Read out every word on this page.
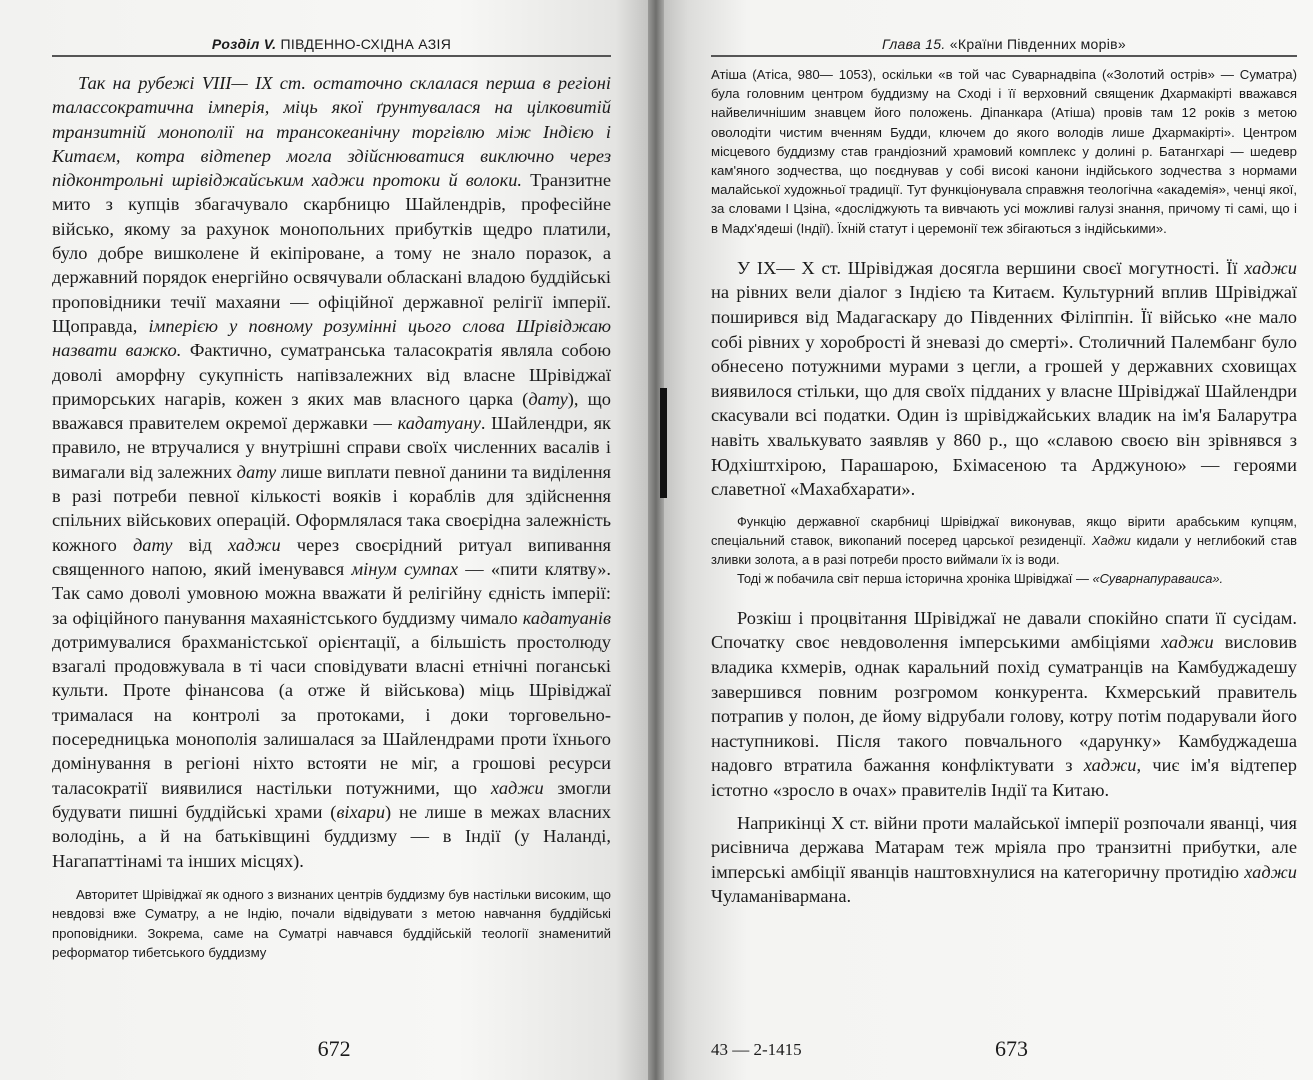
Розділ V. ПІВДЕННО-СХІДНА АЗІЯ

Так на рубежі VIII— IX ст. остаточно склалася перша в регіоні талассократична імперія, міць якої ґрунтувалася на цілковитій транзитній монополії на трансокеанічну торгівлю між Індією і Китаєм, котра відтепер могла здійснюватися виключно через підконтрольні шрівіджайським хаджи протоки й волоки. Транзитне мито з купців збагачувало скарбницю Шайлендрів, професійне військо, якому за рахунок монопольних прибутків щедро платили, було добре вишколене й екіпіроване, а тому не знало поразок, а державний порядок енергійно освячували обласкані владою буддійські проповідники течії махаяни — офіційної державної релігії імперії. Щоправда, імперією у повному розумінні цього слова Шрівіджаю назвати важко. Фактично, суматранська таласократія являла собою доволі аморфну сукупність напівзалежних від власне Шрівіджаї приморських нагарів, кожен з яких мав власного царка (дату), що вважався правителем окремої державки — кадатуану. Шайлендри, як правило, не втручалися у внутрішні справи своїх численних васалів і вимагали від залежних дату лише виплати певної данини та виділення в разі потреби певної кількості вояків і кораблів для здійснення спільних військових операцій. Оформлялася така своєрідна залежність кожного дату від хаджи через своєрідний ритуал випивання священного напою, який іменувався мінум сумпах — «пити клятву». Так само доволі умовною можна вважати й релігійну єдність імперії: за офіційного панування махаяністського буддизму чимало кадатуанів дотримувалися брахманістської орієнтації, а більшість простолюду взагалі продовжувала в ті часи сповідувати власні етнічні поганські культи. Проте фінансова (а отже й військова) міць Шрівіджаї трималася на контролі за протоками, і доки торговельно-посередницька монополія залишалася за Шайлендрами проти їхнього домінування в регіоні ніхто встояти не міг, а грошові ресурси таласократії виявилися настільки потужними, що хаджи змогли будувати пишні буддійські храми (віхари) не лише в межах власних володінь, а й на батьківщині буддизму — в Індії (у Наланді, Нагапаттінамі та інших місцях).

Авторитет Шрівіджаї як одного з визнаних центрів буддизму був настільки високим, що невдовзі вже Суматру, а не Індію, почали відвідувати з метою навчання буддійські проповідники. Зокрема, саме на Суматрі навчався буддійській теології знаменитий реформатор тибетського буддизму

672
Глава 15. «Країни Південних морів»

Атіша (Атіса, 980— 1053), оскільки «в той час Суварнадвіпа («Золотий острів» — Суматра) була головним центром буддизму на Сході і її верховний священик Дхармакірті вважався найвеличнішим знавцем його положень. Діпанкара (Атіша) провів там 12 років з метою оволодіти чистим вченням Будди, ключем до якого володів лише Дхармакірті». Центром місцевого буддизму став грандіозний храмовий комплекс у долині р. Батангхарі — шедевр кам'яного зодчества, що поєднував у собі високі канони індійського зодчества з нормами малайської художньої традиції. Тут функціонувала справжня теологічна «академія», ченці якої, за словами І Цзіна, «досліджують та вивчають усі можливі галузі знання, причому ті самі, що і в Мадх'ядеші (Індії). Їхній статут і церемонії теж збігаються з індійськими».

У IX— X ст. Шрівіджая досягла вершини своєї могутності. Її хаджи на рівних вели діалог з Індією та Китаєм. Культурний вплив Шрівіджаї поширився від Мадагаскару до Південних Філіппін. Її військо «не мало собі рівних у хоробрості й зневазі до смерті». Столичний Палембанг було обнесено потужними мурами з цегли, а грошей у державних сховищах виявилося стільки, що для своїх підданих у власне Шрівіджаї Шайлендри скасували всі податки. Один із шрівіджайських владик на ім'я Баларутра навіть хвалькувато заявляв у 860 р., що «славою своєю він зрівнявся з Юдхіштхірою, Парашарою, Бхімасеною та Арджуною» — героями славетної «Махабхарати».

Функцію державної скарбниці Шрівіджаї виконував, якщо вірити арабським купцям, спеціальний ставок, викопаний посеред царської резиденції. Хаджи кидали у неглибокий став зливки золота, а в разі потреби просто виймали їх із води.

Тоді ж побачила світ перша історична хроніка Шрівіджаї — «Суварнапураваиса».

Розкіш і процвітання Шрівіджаї не давали спокійно спати її сусідам. Спочатку своє невдоволення імперськими амбіціями хаджи висловив владика кхмерів, однак каральний похід суматранців на Камбуджадешу завершився повним розгромом конкурента. Кхмерський правитель потрапив у полон, де йому відрубали голову, котру потім подарували його наступникові. Після такого повчального «дарунку» Камбуджадеша надовго втратила бажання конфліктувати з хаджи, чиє ім'я відтепер істотно «зросло в очах» правителів Індії та Китаю.

Наприкінці X ст. війни проти малайської імперії розпочали яванці, чия рисівнича держава Матарам теж мріяла про транзитні прибутки, але імперські амбіції яванців наштовхнулися на категоричну протидію хаджи Чуламанівармана.

43 — 2-1415	673
